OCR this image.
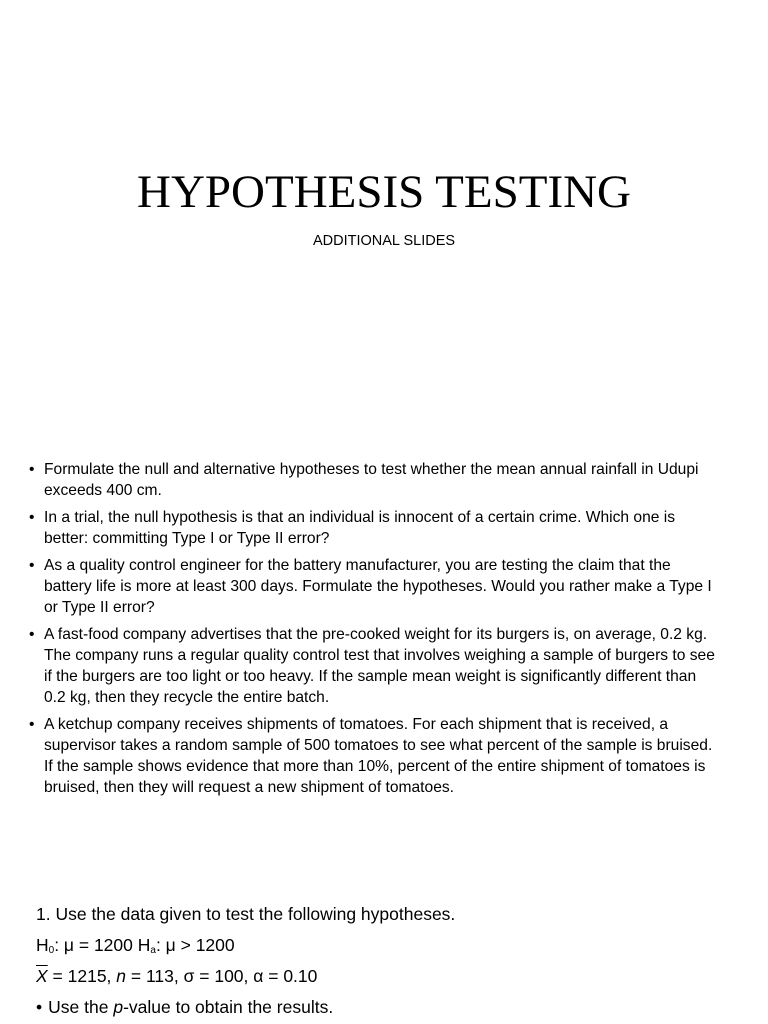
HYPOTHESIS TESTING
ADDITIONAL SLIDES
• Formulate the null and alternative hypotheses to test whether the mean annual rainfall in Udupi exceeds 400 cm.
• In a trial, the null hypothesis is that an individual is innocent of a certain crime. Which one is better: committing Type I or Type II error?
• As a quality control engineer for the battery manufacturer, you are testing the claim that the battery life is more at least 300 days. Formulate the hypotheses. Would you rather make a Type I or Type II error?
• A fast-food company advertises that the pre-cooked weight for its burgers is, on average, 0.2 kg. The company runs a regular quality control test that involves weighing a sample of burgers to see if the burgers are too light or too heavy. If the sample mean weight is significantly different than 0.2 kg, then they recycle the entire batch.
• A ketchup company receives shipments of tomatoes. For each shipment that is received, a supervisor takes a random sample of 500 tomatoes to see what percent of the sample is bruised. If the sample shows evidence that more than 10%, percent of the entire shipment of tomatoes is bruised, then they will request a new shipment of tomatoes.
1. Use the data given to test the following hypotheses.
$H_0$: μ = 1200 $H_a$: μ > 1200
$\overline{X} = 1215$, n = 113, σ = 100, α = 0.10
• Use the p-value to obtain the results.
